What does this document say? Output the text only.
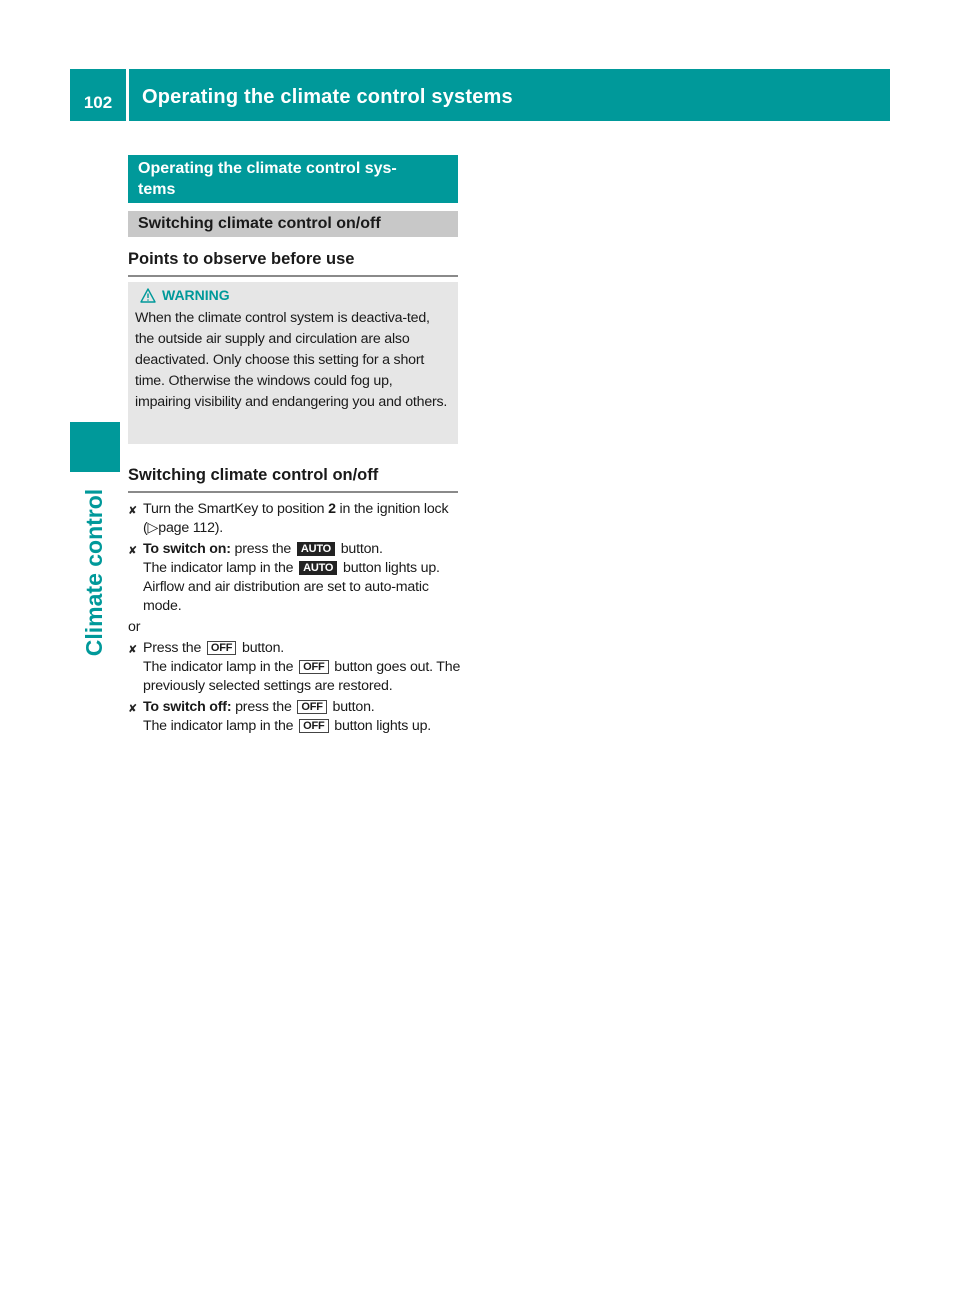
102	Operating the climate control systems
Climate control
Operating the climate control sys-
tems
Switching climate control on/off
Points to observe before use
WARNING
When the climate control system is deactiva-ted, the outside air supply and circulation are also deactivated. Only choose this setting for a short time. Otherwise the windows could fog up, impairing visibility and endangering you and others.
Switching climate control on/off
✘ Turn the SmartKey to position 2 in the ignition lock (▷page 112).
✘ To switch on: press the AUTO button.
The indicator lamp in the AUTO button lights up. Airflow and air distribution are set to auto-matic mode.
or
✘ Press the OFF button.
The indicator lamp in the OFF button goes out. The previously selected settings are restored.
✘ To switch off: press the OFF button.
The indicator lamp in the OFF button lights up.
